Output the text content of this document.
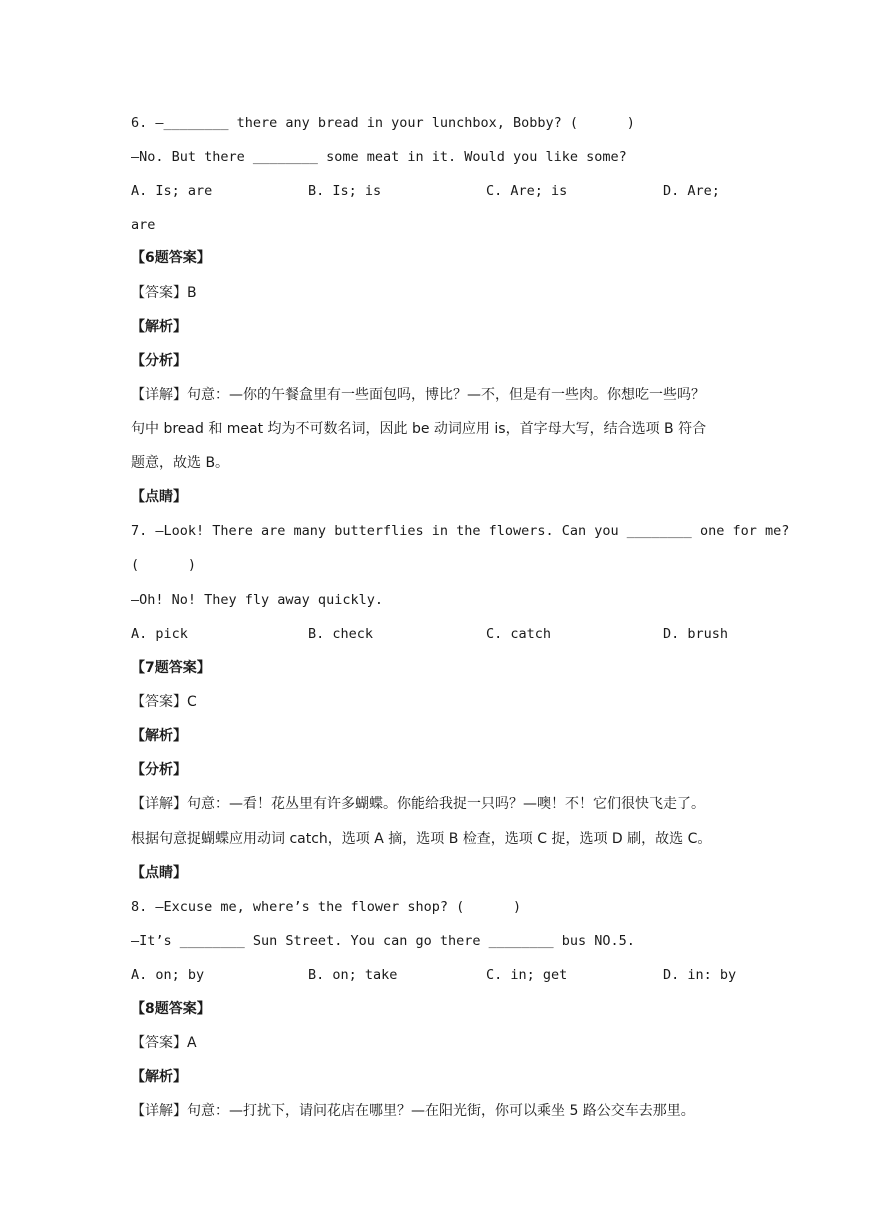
6. —________ there any bread in your lunchbox, Bobby? (      )
—No. But there ________ some meat in it. Would you like some?
A. Is; are	B. Is; is	C. Are; is	D. Are;
are
【6题答案】
【答案】B
【解析】
【分析】
【详解】句意：—你的午餐盒里有一些面包吗，博比？—不，但是有一些肉。你想吃一些吗？
句中 bread 和 meat 均为不可数名词，因此 be 动词应用 is，首字母大写，结合选项 B 符合
题意，故选 B。
【点睛】
7. —Look! There are many butterflies in the flowers. Can you ________ one for me?
(      )
—Oh! No! They fly away quickly.
A. pick	B. check	C. catch	D. brush
【7题答案】
【答案】C
【解析】
【分析】
【详解】句意：—看！花丛里有许多蝴蝶。你能给我捉一只吗？—噢！不！它们很快飞走了。
根据句意捉蝴蝶应用动词 catch，选项 A 摘，选项 B 检查，选项 C 捉，选项 D 刷，故选 C。
【点睛】
8. —Excuse me, where’s the flower shop? (      )
—It’s ________ Sun Street. You can go there ________ bus NO.5.
A. on; by	B. on; take	C. in; get	D. in: by
【8题答案】
【答案】A
【解析】
【详解】句意：—打扰下，请问花店在哪里？—在阳光街，你可以乘坐 5 路公交车去那里。
